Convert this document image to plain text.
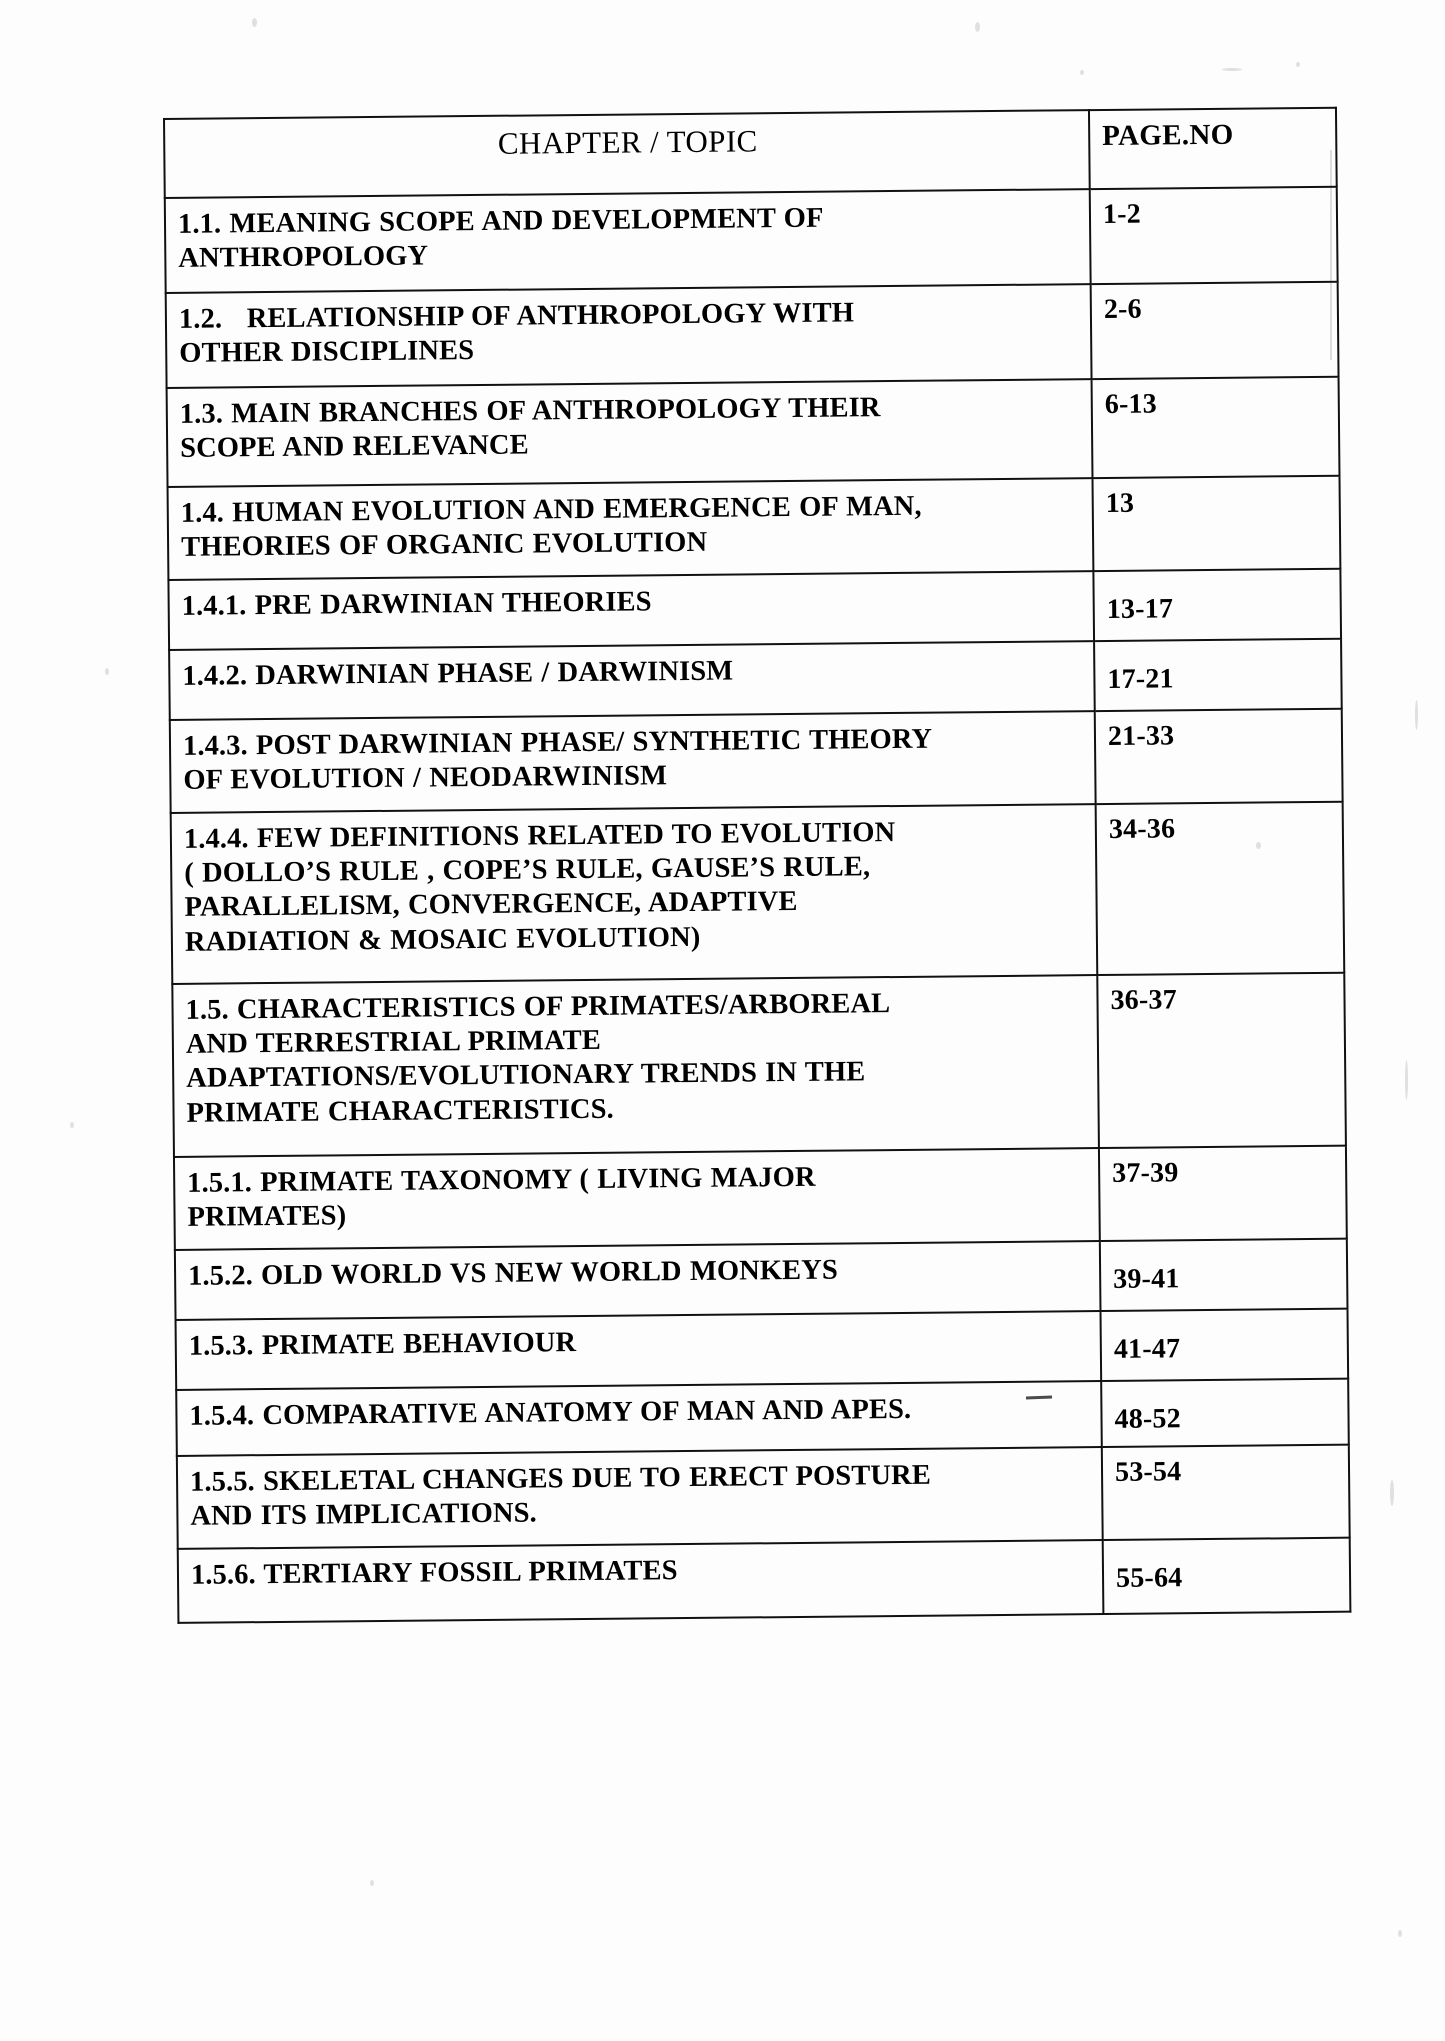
CHAPTER / TOPIC	PAGE.NO

1.1. MEANING SCOPE AND DEVELOPMENT OF
ANTHROPOLOGY	1-2

1.2.   RELATIONSHIP OF ANTHROPOLOGY WITH
OTHER DISCIPLINES	2-6

1.3. MAIN BRANCHES OF ANTHROPOLOGY THEIR
SCOPE AND RELEVANCE	6-13

1.4. HUMAN EVOLUTION AND EMERGENCE OF MAN,
THEORIES OF ORGANIC EVOLUTION	13

1.4.1. PRE DARWINIAN THEORIES	13-17

1.4.2. DARWINIAN PHASE / DARWINISM	17-21

1.4.3. POST DARWINIAN PHASE/ SYNTHETIC THEORY
OF EVOLUTION / NEODARWINISM	21-33

1.4.4. FEW DEFINITIONS RELATED TO EVOLUTION
( DOLLO’S RULE , COPE’S RULE, GAUSE’S RULE,
PARALLELISM, CONVERGENCE, ADAPTIVE
RADIATION & MOSAIC EVOLUTION)	34-36

1.5. CHARACTERISTICS OF PRIMATES/ARBOREAL
AND TERRESTRIAL PRIMATE
ADAPTATIONS/EVOLUTIONARY TRENDS IN THE
PRIMATE CHARACTERISTICS.	36-37

1.5.1. PRIMATE TAXONOMY ( LIVING MAJOR
PRIMATES)	37-39

1.5.2. OLD WORLD VS NEW WORLD MONKEYS	39-41

1.5.3. PRIMATE BEHAVIOUR	41-47

1.5.4. COMPARATIVE ANATOMY OF MAN AND APES.	48-52

1.5.5. SKELETAL CHANGES DUE TO ERECT POSTURE
AND ITS IMPLICATIONS.	53-54

1.5.6. TERTIARY FOSSIL PRIMATES	55-64
